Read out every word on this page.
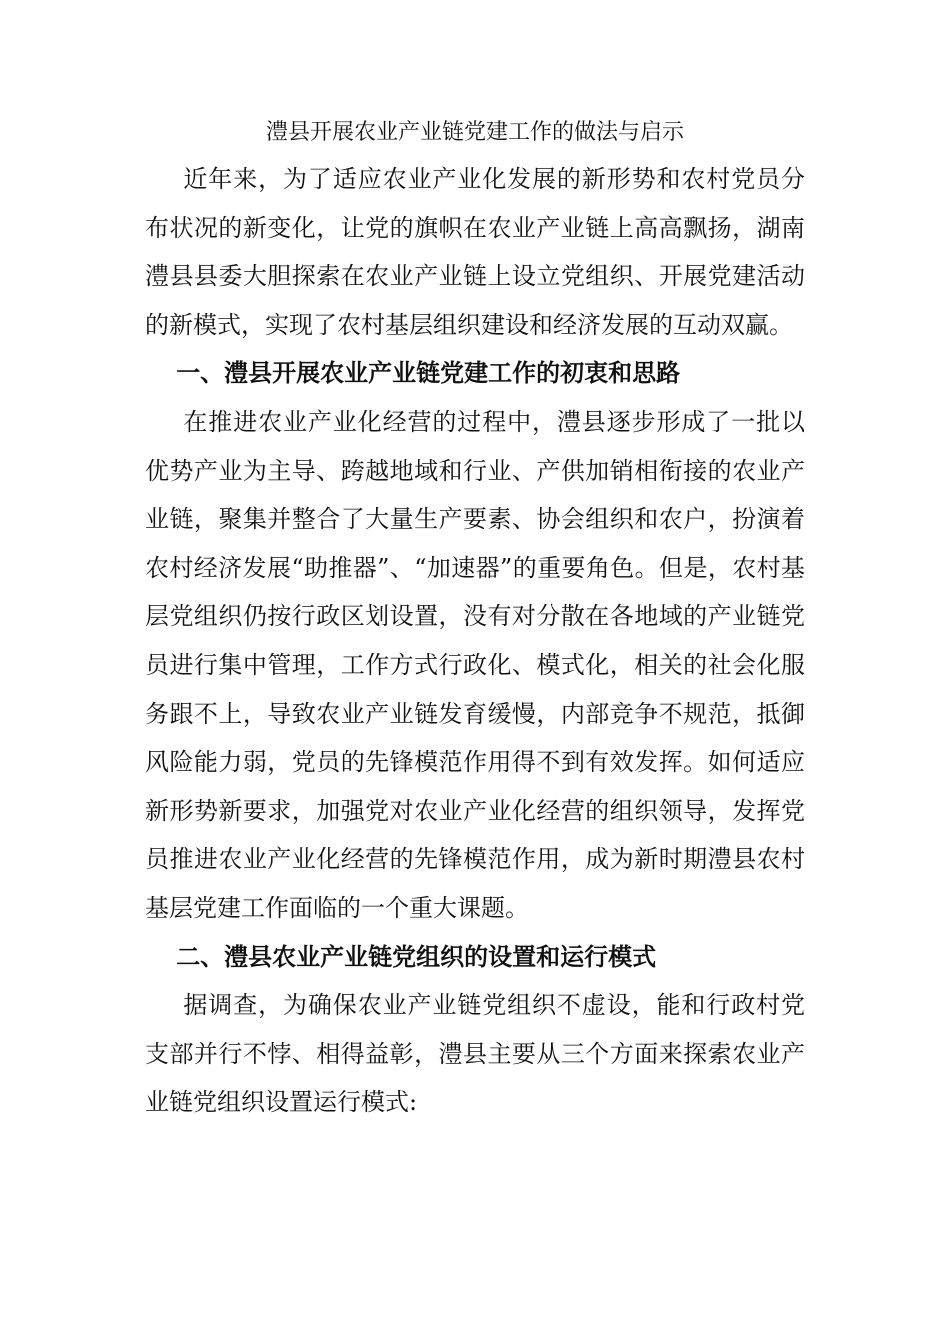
澧县开展农业产业链党建工作的做法与启示

近年来，为了适应农业产业化发展的新形势和农村党员分布状况的新变化，让党的旗帜在农业产业链上高高飘扬，湖南澧县县委大胆探索在农业产业链上设立党组织、开展党建活动的新模式，实现了农村基层组织建设和经济发展的互动双赢。

一、澧县开展农业产业链党建工作的初衷和思路

在推进农业产业化经营的过程中，澧县逐步形成了一批以优势产业为主导、跨越地域和行业、产供加销相衔接的农业产业链，聚集并整合了大量生产要素、协会组织和农户，扮演着农村经济发展“助推器”、“加速器”的重要角色。但是，农村基层党组织仍按行政区划设置，没有对分散在各地域的产业链党员进行集中管理，工作方式行政化、模式化，相关的社会化服务跟不上，导致农业产业链发育缓慢，内部竞争不规范，抵御风险能力弱，党员的先锋模范作用得不到有效发挥。如何适应新形势新要求，加强党对农业产业化经营的组织领导，发挥党员推进农业产业化经营的先锋模范作用，成为新时期澧县农村基层党建工作面临的一个重大课题。

二、澧县农业产业链党组织的设置和运行模式

据调查，为确保农业产业链党组织不虚设，能和行政村党支部并行不悖、相得益彰，澧县主要从三个方面来探索农业产业链党组织设置运行模式:
